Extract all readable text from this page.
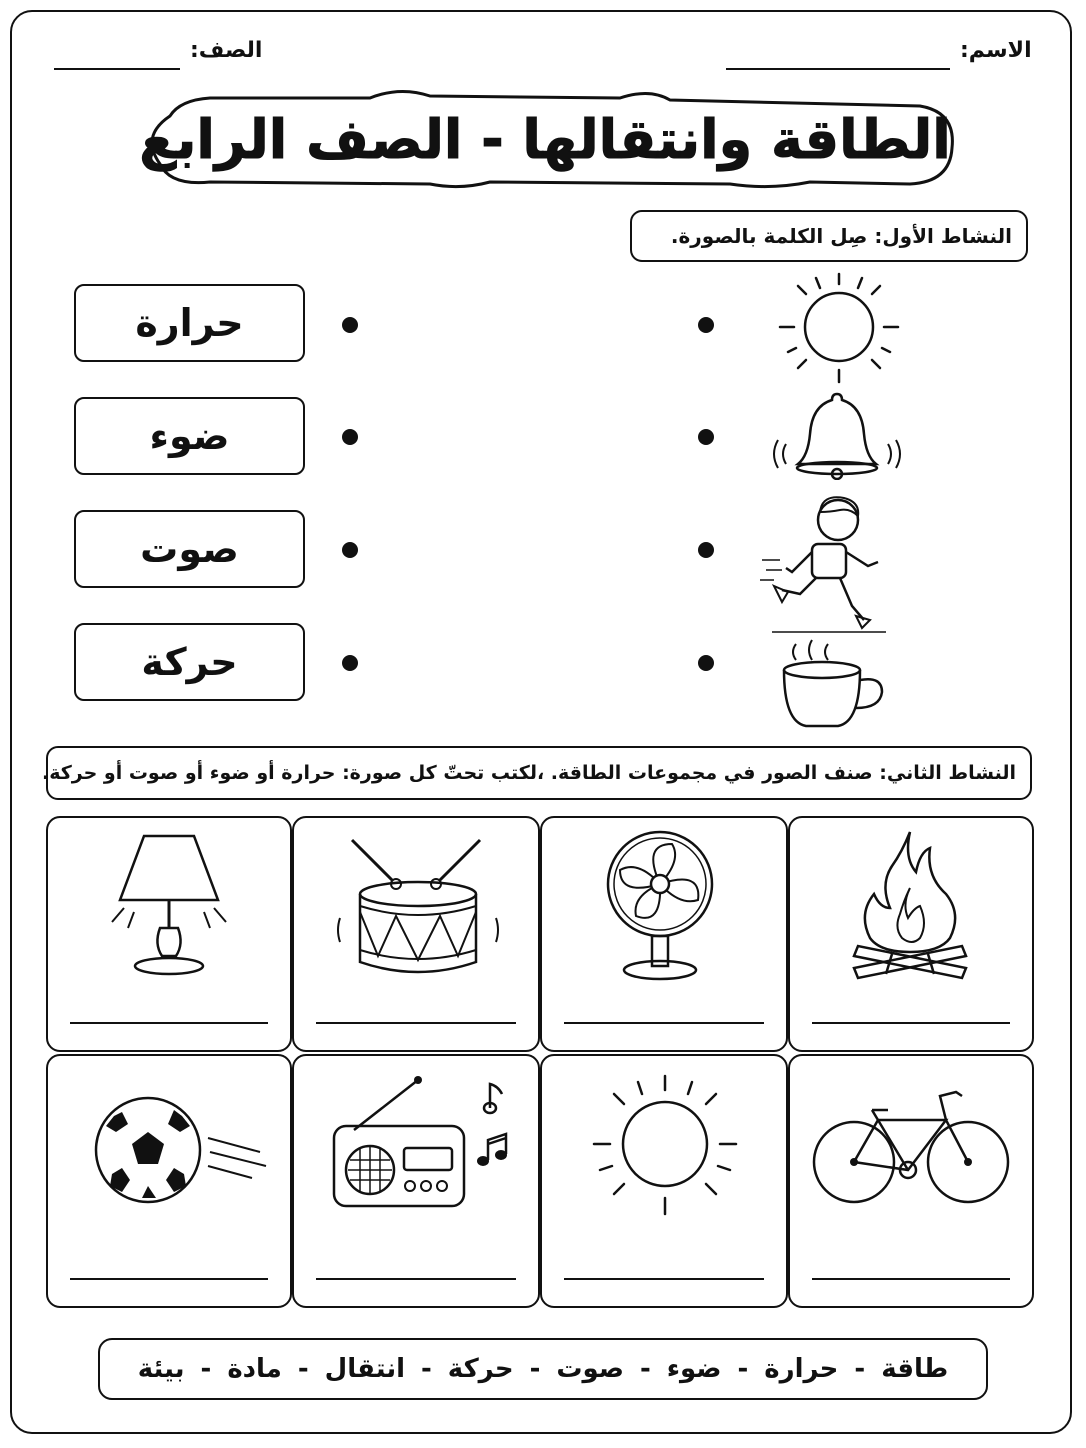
الاسم:
الصف:
الطاقة وانتقالها - الصف الرابع
النشاط الأول: صِل الكلمة بالصورة.
حرارة
ضوء
صوت
حركة
النشاط الثاني: صنف الصور في مجموعات الطاقة. ،لكتب تحتّ كل صورة: حرارة أو ضوء أو صوت أو حركة.
طاقة
-
حرارة
-
ضوء
-
صوت
-
حركة
-
انتقال
-
مادة
-
بيئة
